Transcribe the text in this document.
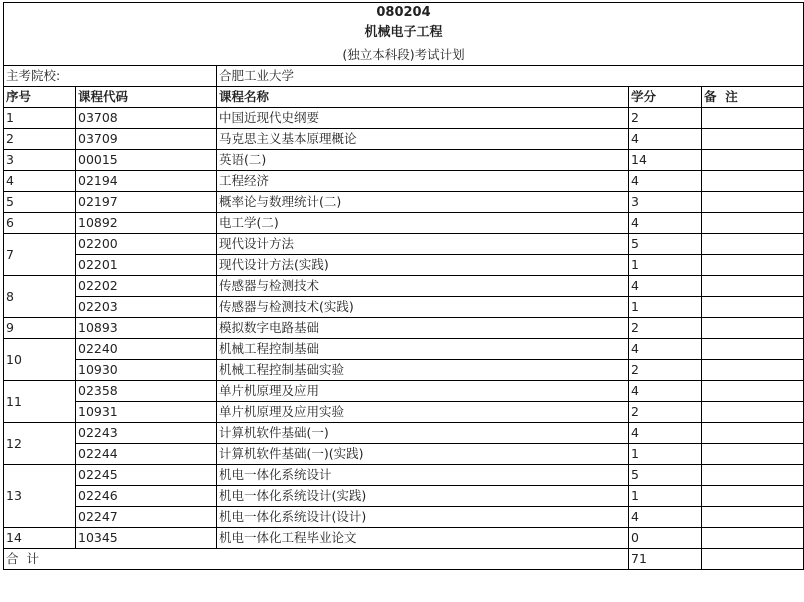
080204
机械电子工程
(独立本科段)考试计划				

主考院校:		合肥工业大学		
序号	课程代码	课程名称	学分	备  注
1	03708	中国近现代史纲要	2	
2	03709	马克思主义基本原理概论	4	
3	00015	英语(二)	14	
4	02194	工程经济	4	
5	02197	概率论与数理统计(二)	3	
6	10892	电工学(二)	4	
7	02200	现代设计方法	5	
	02201	现代设计方法(实践)	1	
8	02202	传感器与检测技术	4	
	02203	传感器与检测技术(实践)	1	
9	10893	模拟数字电路基础	2	
10	02240	机械工程控制基础	4	
	10930	机械工程控制基础实验	2	
11	02358	单片机原理及应用	4	
	10931	单片机原理及应用实验	2	
12	02243	计算机软件基础(一)	4	
	02244	计算机软件基础(一)(实践)	1	
13	02245	机电一体化系统设计	5	
	02246	机电一体化系统设计(实践)	1	
	02247	机电一体化系统设计(设计)	4	
14	10345	机电一体化工程毕业论文	0	
合  计			71	
